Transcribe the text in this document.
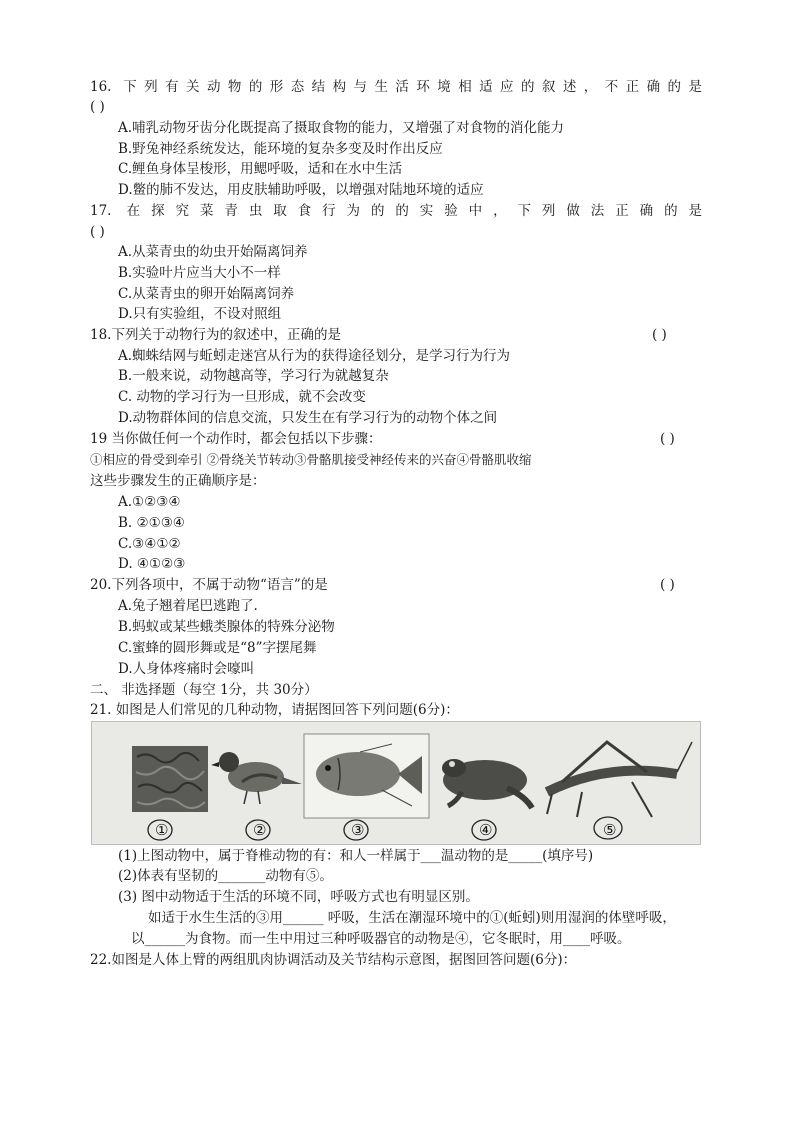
16. 下列有关动物的形态结构与生活环境相适应的叙述，不正确的是
( )
A.哺乳动物牙齿分化既提高了摄取食物的能力，又增强了对食物的消化能力
B.野兔神经系统发达，能环境的复杂多变及时作出反应
C.鲤鱼身体呈梭形，用鳃呼吸，适和在水中生活
D.鳖的肺不发达，用皮肤辅助呼吸，以增强对陆地环境的适应
17. 在探究菜青虫取食行为的的实验中，下列做法正确的是
( )
A.从菜青虫的幼虫开始隔离饲养
B.实验叶片应当大小不一样
C.从菜青虫的卵开始隔离饲养
D.只有实验组，不设对照组
18.下列关于动物行为的叙述中，正确的是	( )
A.蜘蛛结网与蚯蚓走迷宫从行为的获得途径划分，是学习行为行为
B.一般来说，动物越高等，学习行为就越复杂
C. 动物的学习行为一旦形成，就不会改变
D.动物群体间的信息交流，只发生在有学习行为的动物个体之间
19 当你做任何一个动作时，都会包括以下步骤：	( )
①相应的骨受到牵引 ②骨绕关节转动③骨骼肌接受神经传来的兴奋④骨骼肌收缩
这些步骤发生的正确顺序是：
A.①②③④
B. ②①③④
C.③④①②
D. ④①②③
20.下列各项中，不属于动物“语言”的是	( )
A.兔子翘着尾巴逃跑了.
B.蚂蚁或某些蛾类腺体的特殊分泌物
C.蜜蜂的圆形舞或是“8”字摆尾舞
D.人身体疼痛时会嚎叫
二、 非选择题（每空 1分，共 30分）
21. 如图是人们常见的几种动物，请据图回答下列问题(6分)：
①	②	③	④	⑤
(1)上图动物中，属于脊椎动物的有：和人一样属于___温动物的是_____(填序号)
(2)体表有坚韧的_______动物有⑤。
(3) 图中动物适于生活的环境不同，呼吸方式也有明显区别。
如适于水生生活的③用______ 呼吸，生活在潮湿环境中的①(蚯蚓)则用湿润的体壁呼吸，
以______为食物。而一生中用过三种呼吸器官的动物是④，它冬眠时，用____呼吸。
22.如图是人体上臂的两组肌肉协调活动及关节结构示意图，据图回答问题(6分)：
